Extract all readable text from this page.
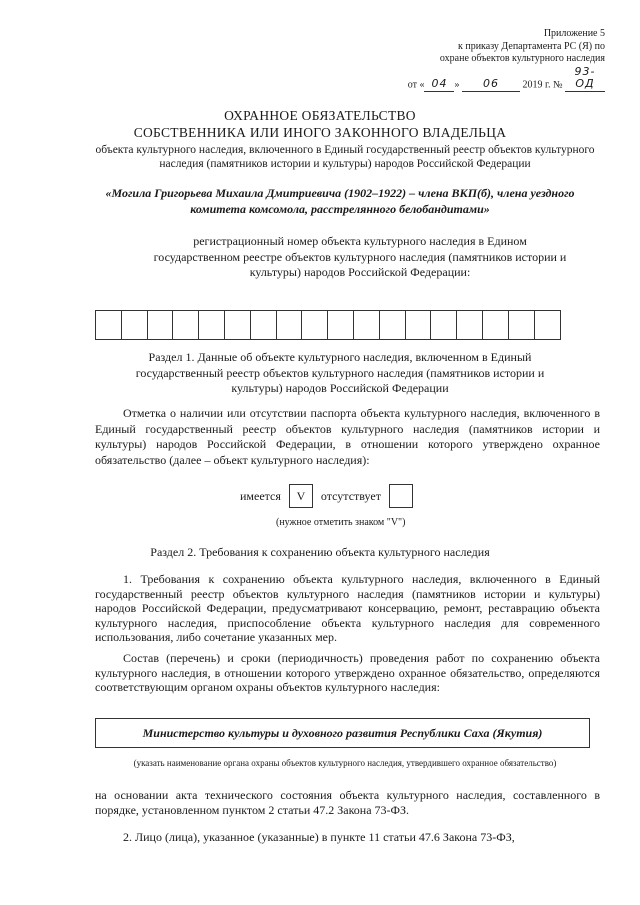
Приложение 5
к приказу Департамента РС (Я) по
охране объектов культурного наследия
от « 04 » 06 2019 г. № 93-ОД
ОХРАННОЕ ОБЯЗАТЕЛЬСТВО
СОБСТВЕННИКА ИЛИ ИНОГО ЗАКОННОГО ВЛАДЕЛЬЦА
объекта культурного наследия, включенного в Единый государственный реестр объектов культурного наследия (памятников истории и культуры) народов Российской Федерации
«Могила Григорьева Михаила Дмитриевича (1902–1922) – члена ВКП(б), члена уездного комитета комсомола, расстрелянного белобандитами»
регистрационный номер объекта культурного наследия в Едином государственном реестре объектов культурного наследия (памятников истории и культуры) народов Российской Федерации:
Раздел 1. Данные об объекте культурного наследия, включенном в Единый государственный реестр объектов культурного наследия (памятников истории и культуры) народов Российской Федерации
Отметка о наличии или отсутствии паспорта объекта культурного наследия, включенного в Единый государственный реестр объектов культурного наследия (памятников истории и культуры) народов Российской Федерации, в отношении которого утверждено охранное обязательство (далее – объект культурного наследия):
имеется	V	отсутствует
(нужное отметить знаком "V")
Раздел 2. Требования к сохранению объекта культурного наследия
1. Требования к сохранению объекта культурного наследия, включенного в Единый государственный реестр объектов культурного наследия (памятников истории и культуры) народов Российской Федерации, предусматривают консервацию, ремонт, реставрацию объекта культурного наследия, приспособление объекта культурного наследия для современного использования, либо сочетание указанных мер.
Состав (перечень) и сроки (периодичность) проведения работ по сохранению объекта культурного наследия, в отношении которого утверждено охранное обязательство, определяются соответствующим органом охраны объектов культурного наследия:
Министерство культуры и духовного развития Республики Саха (Якутия)
(указать наименование органа охраны объектов культурного наследия, утвердившего охранное обязательство)
на основании акта технического состояния объекта культурного наследия, составленного в порядке, установленном пунктом 2 статьи 47.2 Закона 73-ФЗ.
2. Лицо (лица), указанное (указанные) в пункте 11 статьи 47.6 Закона 73-ФЗ,
